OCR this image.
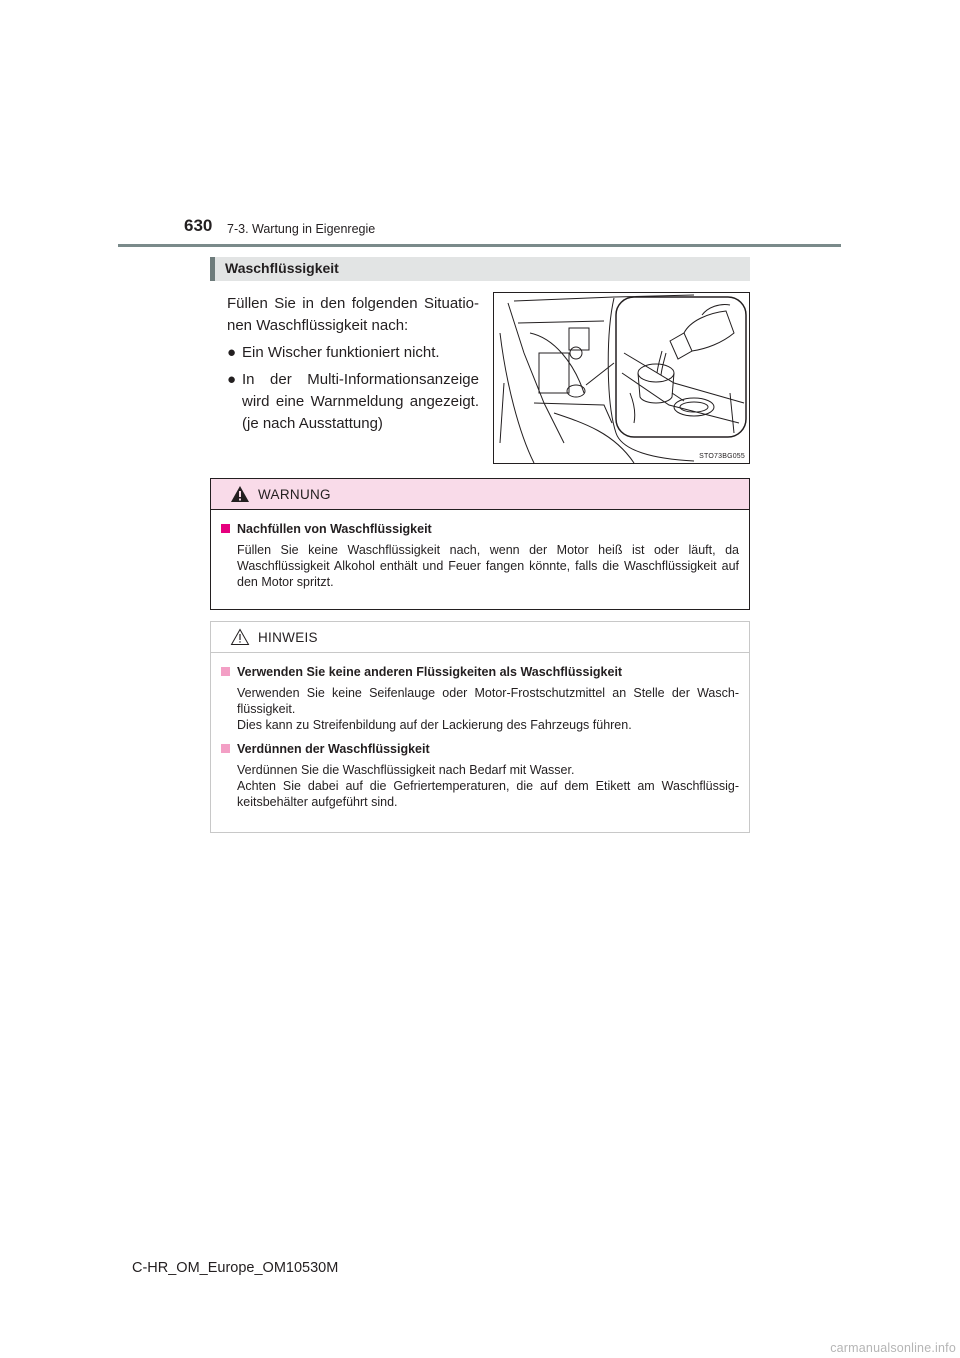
630 7-3. Wartung in Eigenregie
Waschflüssigkeit

Füllen Sie in den folgenden Situatio-nen Waschflüssigkeit nach:

● Ein Wischer funktioniert nicht.
● In der Multi-Informationsanzeige wird eine Warnmeldung angezeigt. (je nach Ausstattung)
STO73BG055
WARNUNG
Nachfüllen von Waschflüssigkeit
Füllen Sie keine Waschflüssigkeit nach, wenn der Motor heiß ist oder läuft, da Waschflüssigkeit Alkohol enthält und Feuer fangen könnte, falls die Waschflüssigkeit auf den Motor spritzt.
HINWEIS
Verwenden Sie keine anderen Flüssigkeiten als Waschflüssigkeit
Verwenden Sie keine Seifenlauge oder Motor-Frostschutzmittel an Stelle der Wasch-flüssigkeit.
Dies kann zu Streifenbildung auf der Lackierung des Fahrzeugs führen.
Verdünnen der Waschflüssigkeit
Verdünnen Sie die Waschflüssigkeit nach Bedarf mit Wasser.
Achten Sie dabei auf die Gefriertemperaturen, die auf dem Etikett am Waschflüssig-keitsbehälter aufgeführt sind.
C-HR_OM_Europe_OM10530M
carmanualsonline.info
